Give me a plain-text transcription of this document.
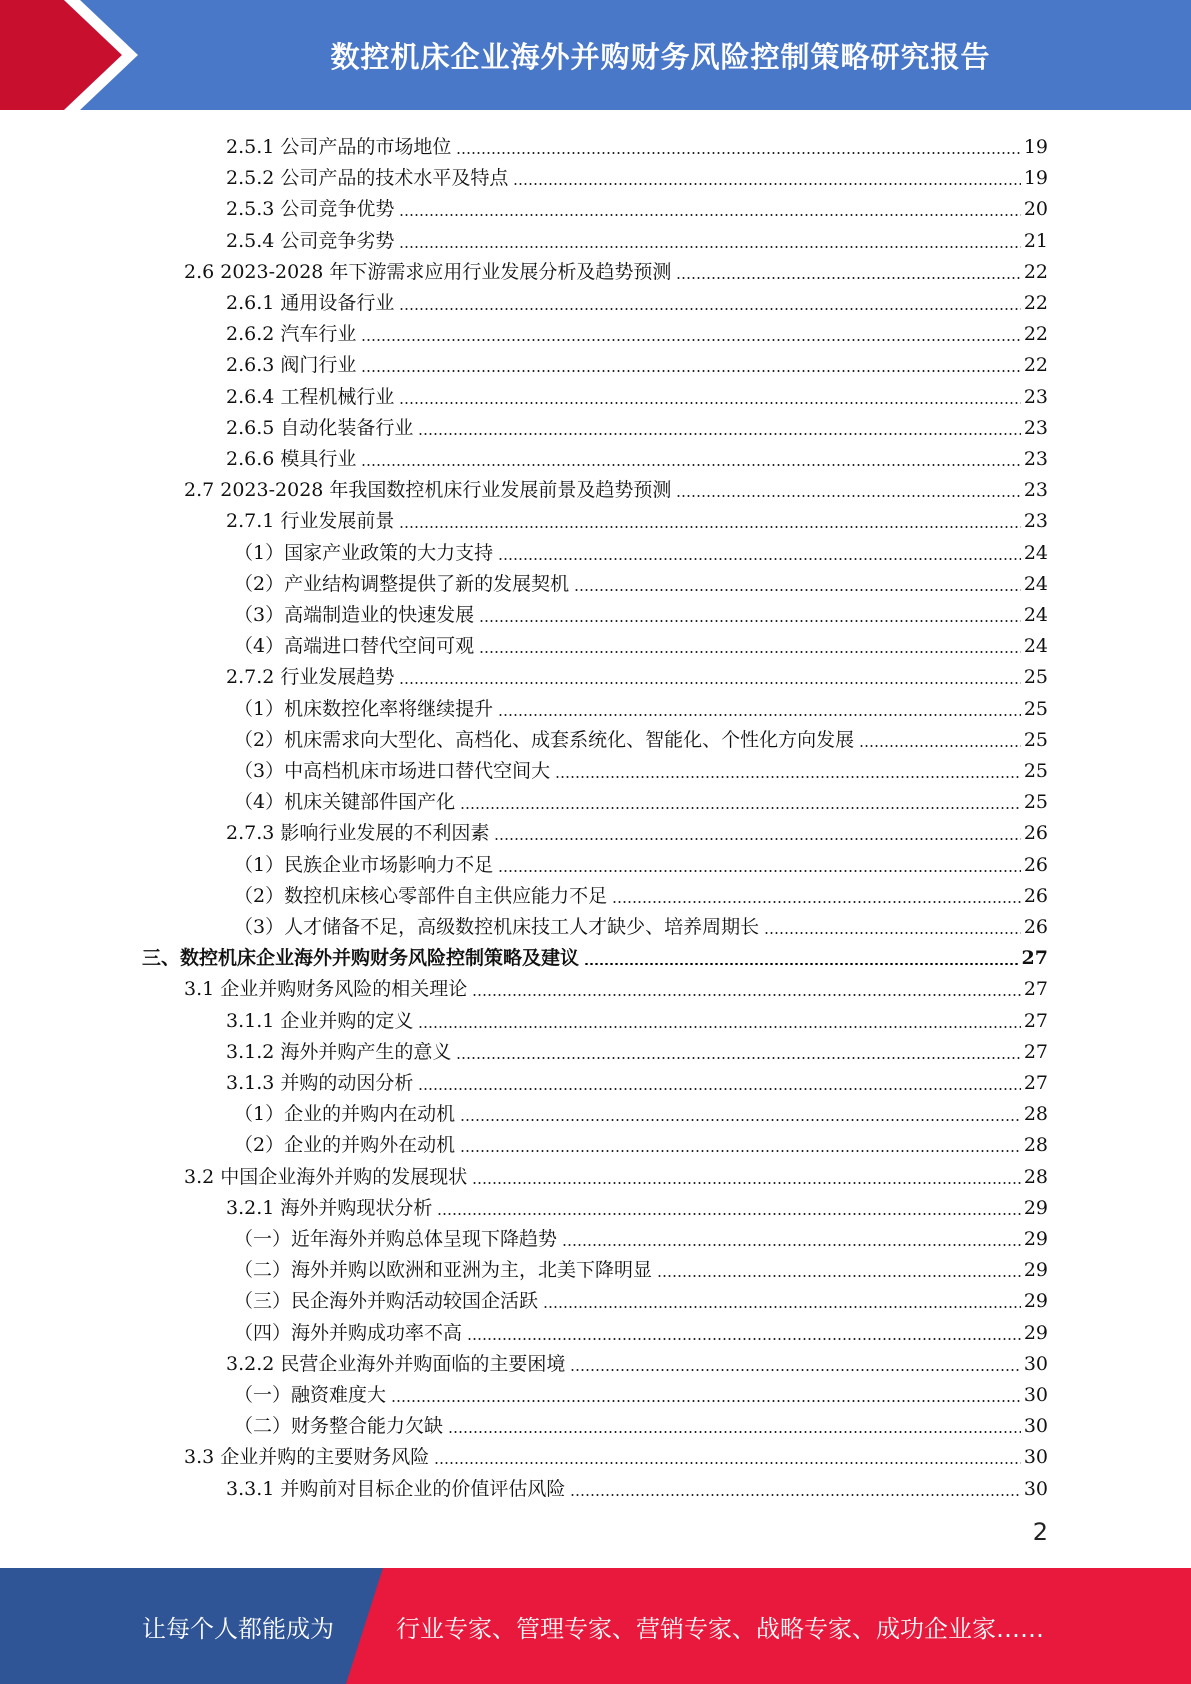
数控机床企业海外并购财务风险控制策略研究报告
2.5.1 公司产品的市场地位	19
2.5.2 公司产品的技术水平及特点	19
2.5.3 公司竞争优势	20
2.5.4 公司竞争劣势	21
2.6 2023-2028 年下游需求应用行业发展分析及趋势预测	22
2.6.1 通用设备行业	22
2.6.2 汽车行业	22
2.6.3 阀门行业	22
2.6.4 工程机械行业	23
2.6.5 自动化装备行业	23
2.6.6 模具行业	23
2.7 2023-2028 年我国数控机床行业发展前景及趋势预测	23
2.7.1 行业发展前景	23
（1）国家产业政策的大力支持	24
（2）产业结构调整提供了新的发展契机	24
（3）高端制造业的快速发展	24
（4）高端进口替代空间可观	24
2.7.2 行业发展趋势	25
（1）机床数控化率将继续提升	25
（2）机床需求向大型化、高档化、成套系统化、智能化、个性化方向发展	25
（3）中高档机床市场进口替代空间大	25
（4）机床关键部件国产化	25
2.7.3 影响行业发展的不利因素	26
（1）民族企业市场影响力不足	26
（2）数控机床核心零部件自主供应能力不足	26
（3）人才储备不足，高级数控机床技工人才缺少、培养周期长	26
三、数控机床企业海外并购财务风险控制策略及建议	27
3.1 企业并购财务风险的相关理论	27
3.1.1 企业并购的定义	27
3.1.2 海外并购产生的意义	27
3.1.3 并购的动因分析	27
（1）企业的并购内在动机	28
（2）企业的并购外在动机	28
3.2 中国企业海外并购的发展现状	28
3.2.1 海外并购现状分析	29
（一）近年海外并购总体呈现下降趋势	29
（二）海外并购以欧洲和亚洲为主，北美下降明显	29
（三）民企海外并购活动较国企活跃	29
（四）海外并购成功率不高	29
3.2.2 民营企业海外并购面临的主要困境	30
（一）融资难度大	30
（二）财务整合能力欠缺	30
3.3 企业并购的主要财务风险	30
3.3.1 并购前对目标企业的价值评估风险	30
2
让每个人都能成为	行业专家、管理专家、营销专家、战略专家、成功企业家……
